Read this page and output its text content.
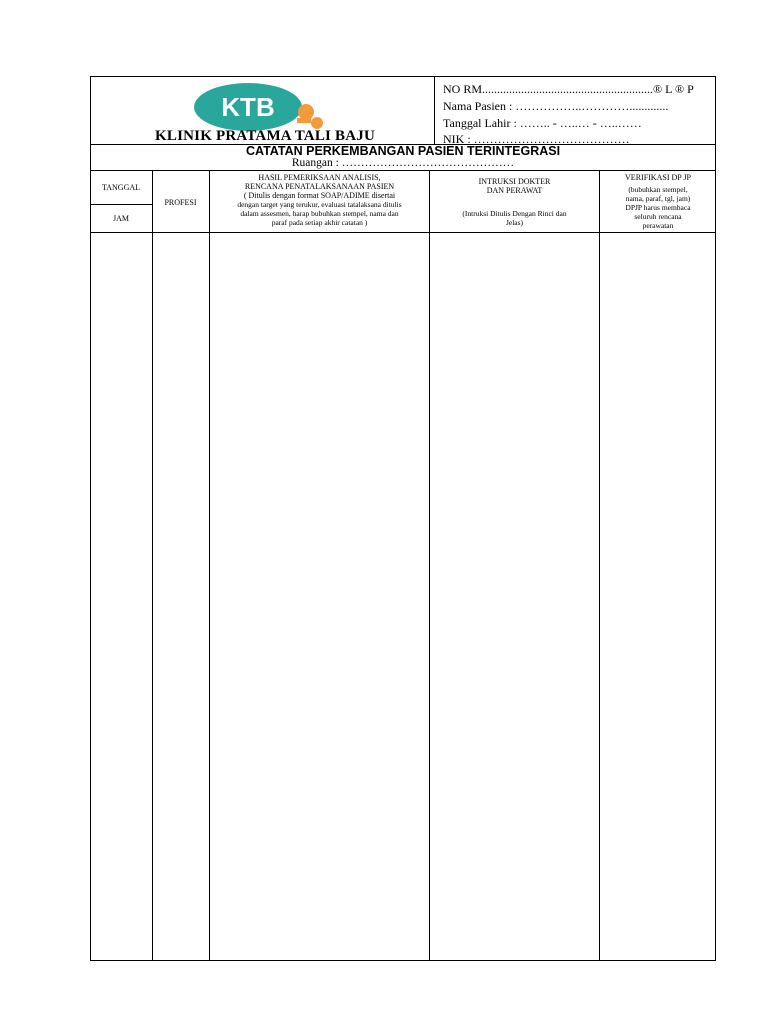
KTB
KLINIK PRATAMA TALI BAJU
NO RM.........................................................® L ® P
Nama Pasien : ……………..………….............
Tanggal Lahir : …….. - …..… - …..……
NIK : …………………………………
CATATAN PERKEMBANGAN PASIEN TERINTEGRASI
Ruangan : ………………………………………
TANGGAL
JAM
PROFESI
HASIL PEMERIKSAAN ANALISIS,
RENCANA PENATALAKSANAAN PASIEN
( Ditulis dengan format SOAP/ADIME disertai
dengan target yang terukur, evaluasi tatalaksana ditulis
dalam assesmen, harap bubuhkan stempel, nama dan
paraf pada setiap akhir catatan )
INTRUKSI DOKTER
DAN PERAWAT
(Intruksi Ditulis Dengan Rinci dan
Jelas)
VERIFIKASI DP JP
(bubuhkan stempel,
nama, paraf, tgl, jam)
DPJP harus membaca
seluruh rencana
perawatan
